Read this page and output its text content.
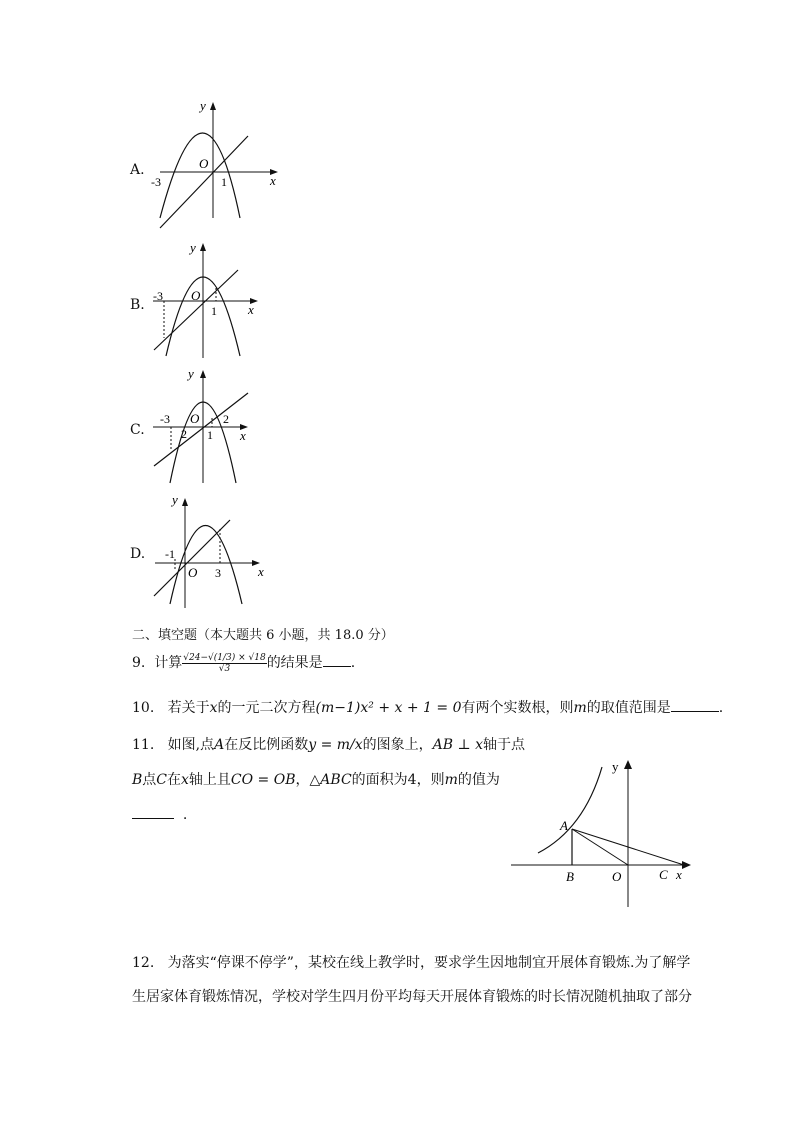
A.
y
O
-3	1	x
B.
y
-3 O
1 x
C.
y
-3 O 2
2 1 x
D.
y
-1
O 3	x
二、填空题（本大题共 6 小题，共 18.0 分）
9. 计算 $\frac{√24-√(1/3) \times √18}{√3}$ 的结果是 .
10. 若关于x的一元二次方程(m−1)x² + x + 1 = 0有两个实数根，则m的取值范围是	.
11. 如图,点A在反比例函数y = m/x的图象上，AB ⊥ x轴于点
B点C在x轴上且CO = OB，△ABC的面积为4，则m的值为
.
y
A
B	O	C x
12. 为落实“停课不停学”，某校在线上教学时，要求学生因地制宜开展体育锻炼.为了解学
生居家体育锻炼情况，学校对学生四月份平均每天开展体育锻炼的时长情况随机抽取了部分
